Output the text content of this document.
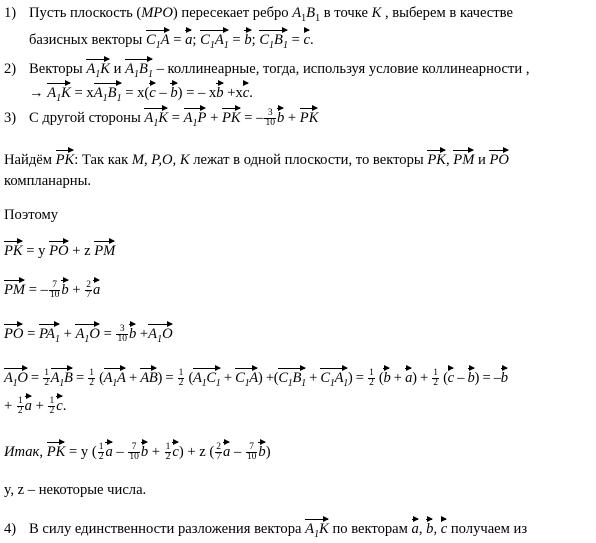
1) Пусть плоскость (MPO) пересекает ребро $A_1B_1$ в точке K , выберем в качестве
базисных векторы $C_1A = a$; $C_1A_1 = b$; $C_1B_1 = c$.
2) Векторы $A_1K$ и $A_1B_1$ – коллинеарные, тогда, используя условие коллинеарности ,
→ $A_1K = xA_1B_1 = x(c - b)$ = – xb +xc.
3) С другой стороны $A_1K = A_1P$ + PK = – $\frac{3}{10}$ b + PK
Найдём PK: Так как M, P,O, K лежат в одной плоскости, то векторы PK, PM и PO
компланарны.
Поэтому
PK = y PO + z PM
PM = – $\frac{7}{10}$ $b + \frac{2}{7}$ a
PO = $PA_1 + A_1O = \frac{3}{10}$ $b +A_1O$
$A_1O = \frac{1}{2} A_1B = \frac{1}{2} (A_1A + AB) = \frac{1}{2} (A_1C_1 + C_1A) +(C_1B_1 + C_1A_1) = \frac{1}{2} (b + a) + \frac{1}{2} (c - b) = -b$
+ $\frac{1}{2}$ $a + \frac{1}{2} c$.
Итак, PK = y ( $\frac{1}{2}$ a – $\frac{7}{10}$ $b + \frac{1}{2} c) + z$ ( $\frac{2}{7}$ a – $\frac{7}{10} b$)
y, z – некоторые числа.
4) В силу единственности разложения вектора $A_1K$ по векторам a, b, c получаем из
